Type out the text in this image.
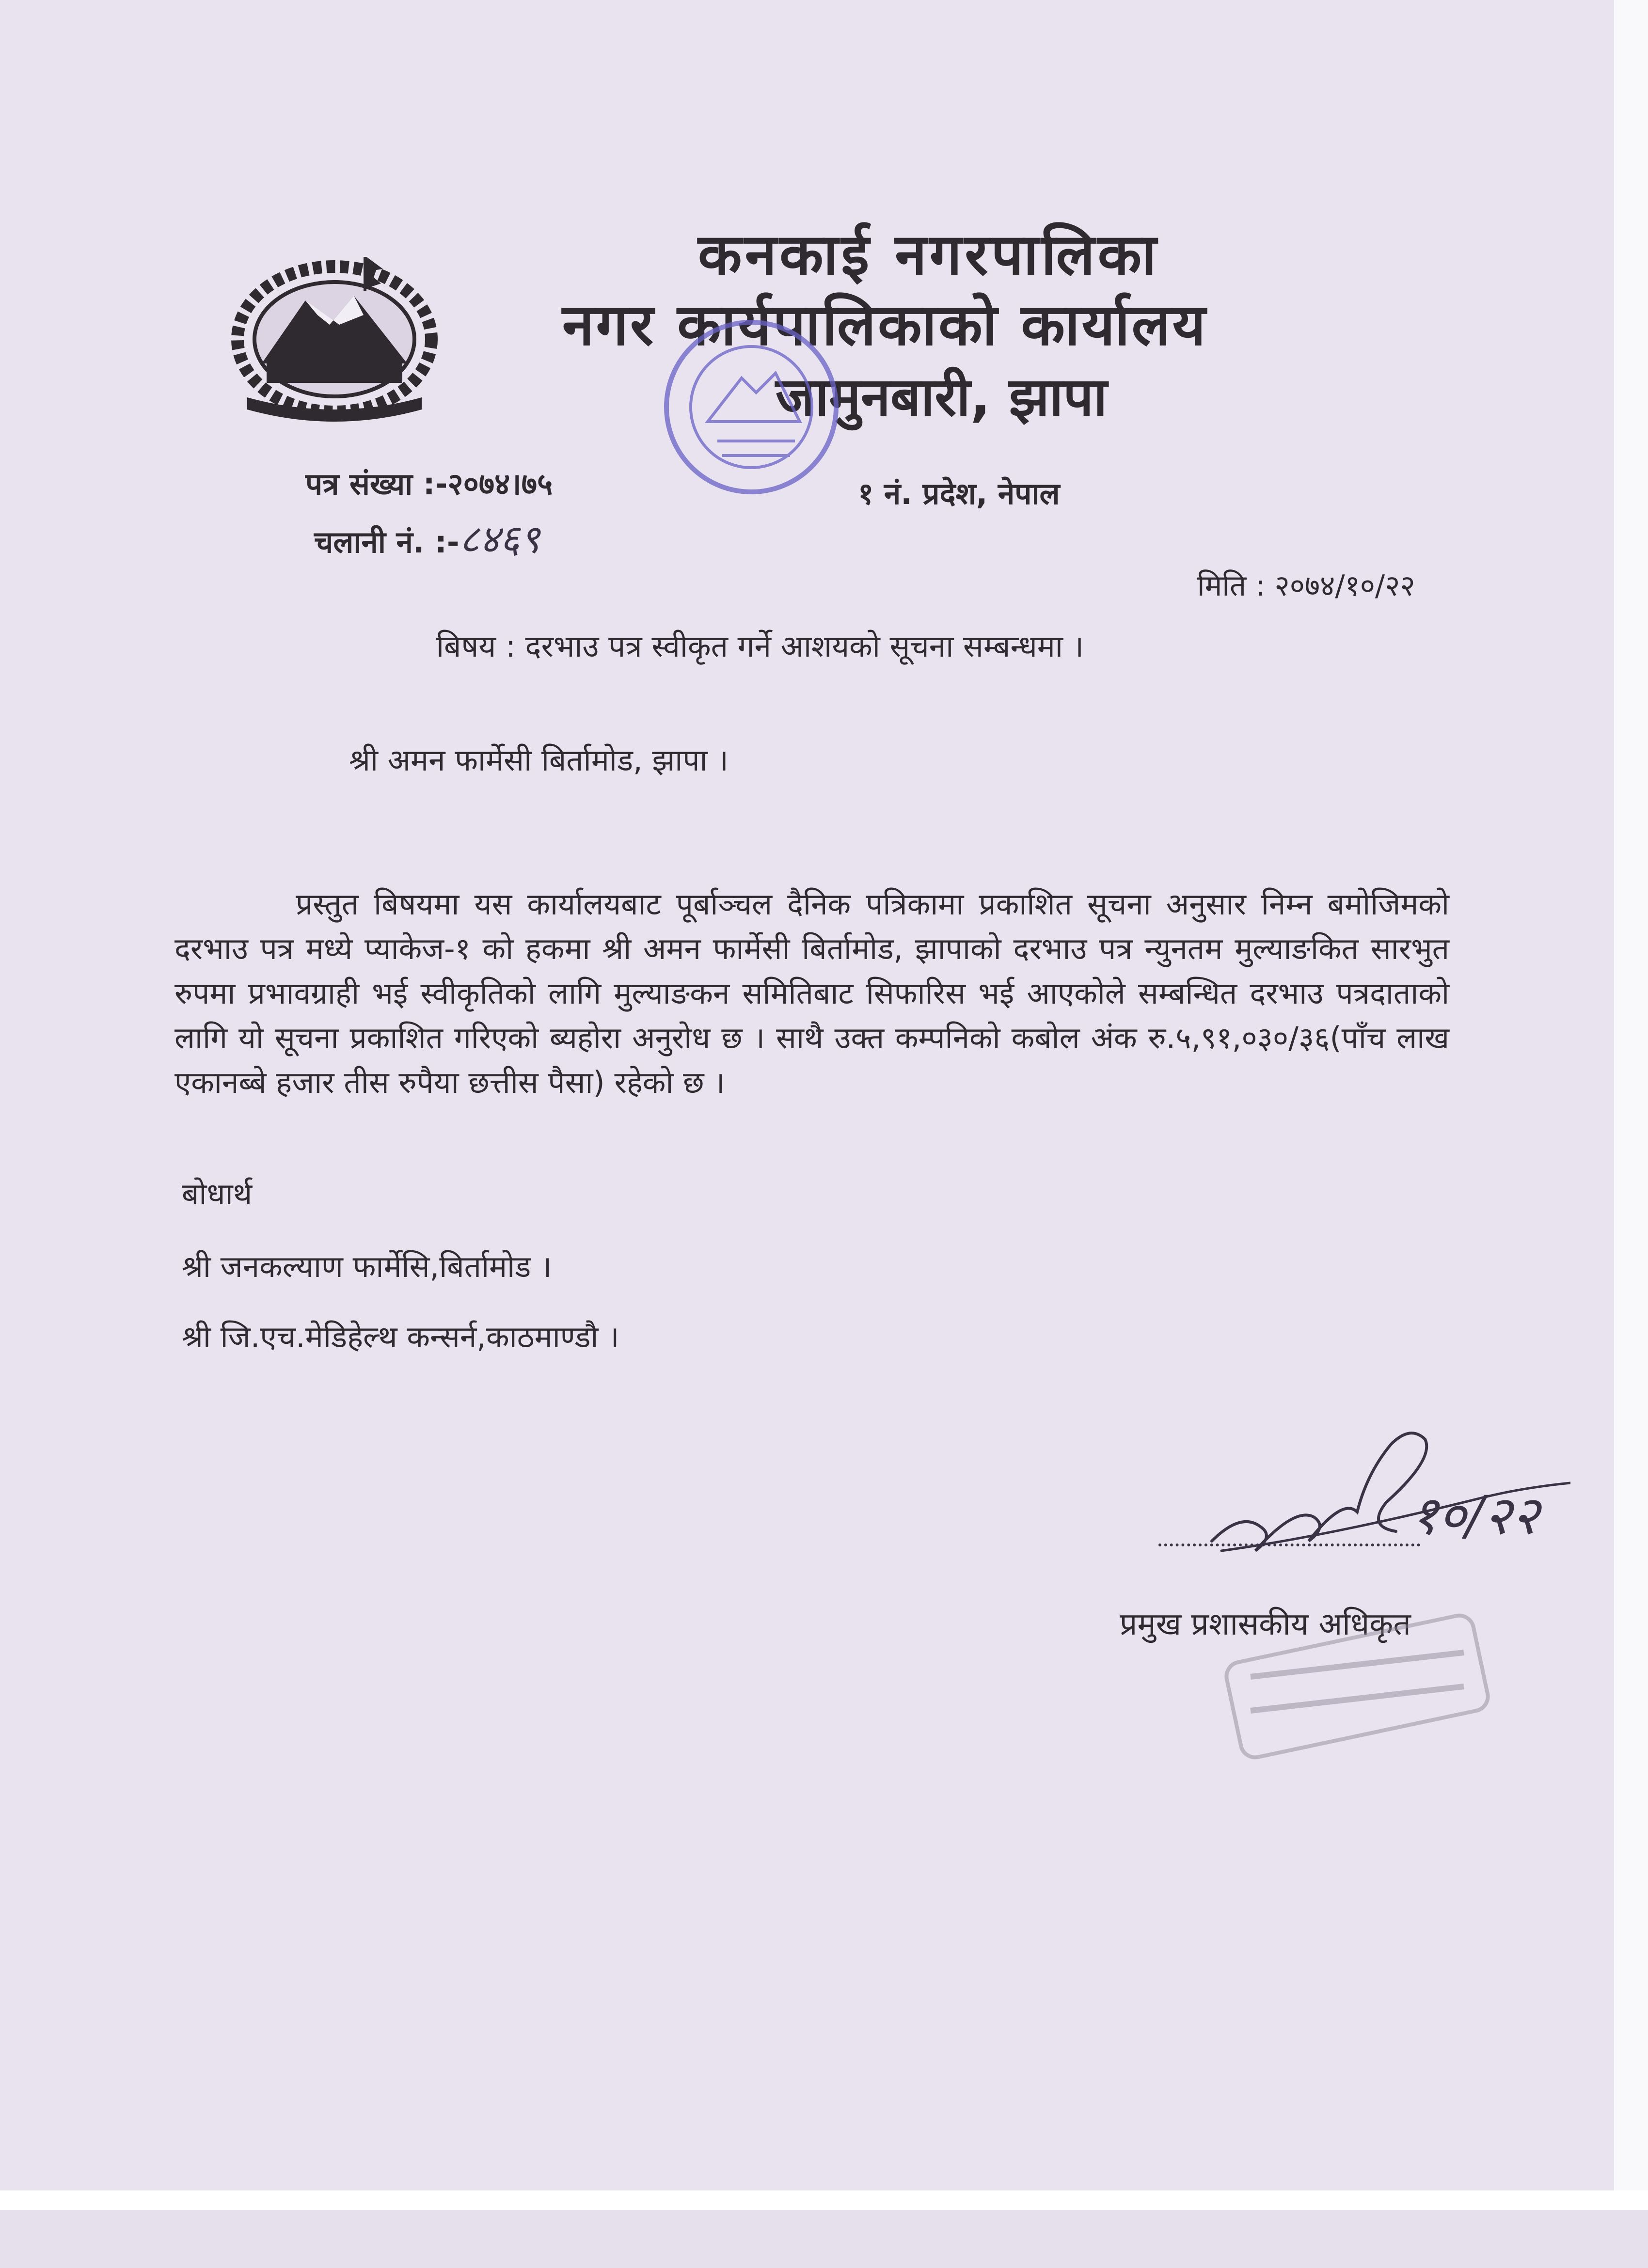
कनकाई नगरपालिका
नगर कार्यपालिकाको कार्यालय
जामुनबारी, झापा
पत्र संख्या :-२०७४।७५
चलानी नं. :-८४६९
१ नं. प्रदेश, नेपाल
मिति : २०७४/१०/२२
बिषय : दरभाउ पत्र स्वीकृत गर्ने आशयको सूचना सम्बन्धमा ।
श्री अमन फार्मेसी बिर्तामोड, झापा ।
प्रस्तुत बिषयमा यस कार्यालयबाट पूर्बाञ्चल दैनिक पत्रिकामा प्रकाशित सूचना अनुसार निम्न बमोजिमको दरभाउ पत्र मध्ये प्याकेज-१ को हकमा श्री अमन फार्मेसी बिर्तामोड, झापाको दरभाउ पत्र न्युनतम मुल्याङकित सारभुत रुपमा प्रभावग्राही भई स्वीकृतिको लागि मुल्याङकन समितिबाट सिफारिस भई आएकोले सम्बन्धित दरभाउ पत्रदाताको लागि यो सूचना प्रकाशित गरिएको ब्यहोरा अनुरोध छ । साथै उक्त कम्पनिको कबोल अंक रु.५,९१,०३०/३६(पाँच लाख एकानब्बे हजार तीस रुपैया छत्तीस पैसा) रहेको छ ।
बोधार्थ
श्री जनकल्याण फार्मेसि,बिर्तामोड ।
श्री जि.एच.मेडिहेल्थ कन्सर्न,काठमाण्डौ ।
१०/२२
प्रमुख प्रशासकीय अधिकृत
